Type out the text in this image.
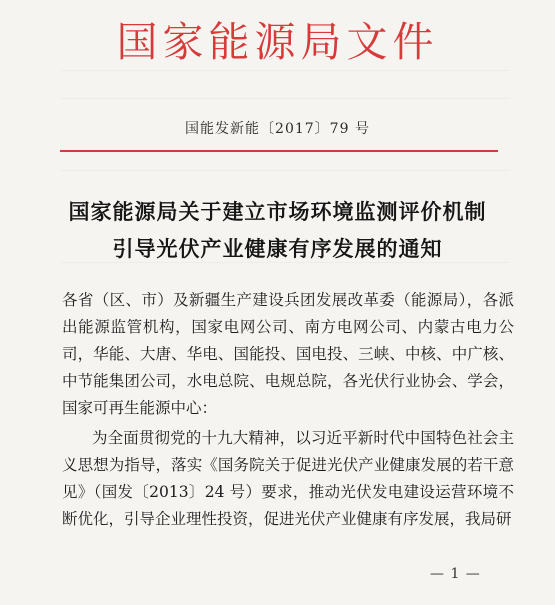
国家能源局文件
国能发新能〔2017〕79 号
国家能源局关于建立市场环境监测评价机制
引导光伏产业健康有序发展的通知

各省（区、市）及新疆生产建设兵团发展改革委（能源局），各派出能源监管机构，国家电网公司、南方电网公司、内蒙古电力公司，华能、大唐、华电、国能投、国电投、三峡、中核、中广核、中节能集团公司，水电总院、电规总院，各光伏行业协会、学会，国家可再生能源中心：

为全面贯彻党的十九大精神，以习近平新时代中国特色社会主义思想为指导，落实《国务院关于促进光伏产业健康发展的若干意见》（国发〔2013〕24 号）要求，推动光伏发电建设运营环境不断优化，引导企业理性投资，促进光伏产业健康有序发展，我局研

— 1 —
